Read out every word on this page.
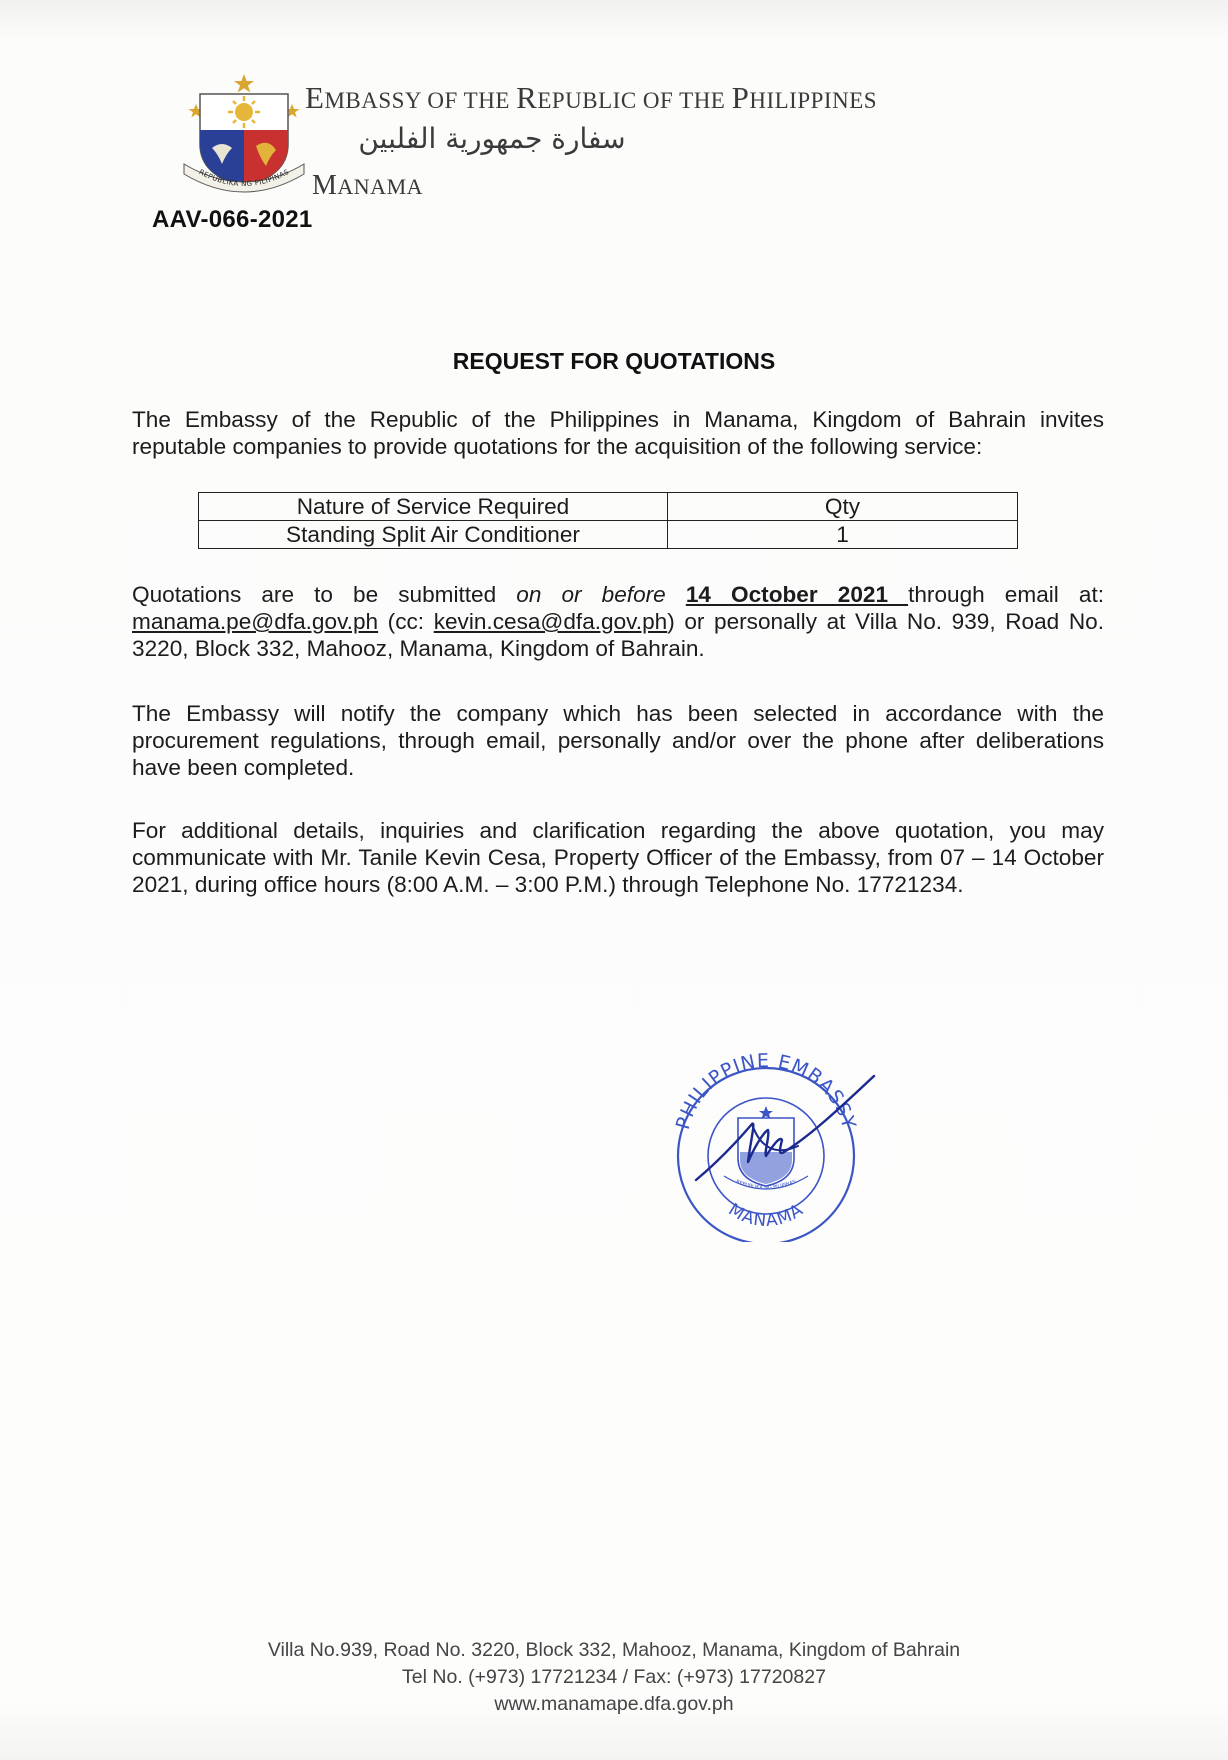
REPUBLIKA NG PILIPINAS
EMBASSY OF THE REPUBLIC OF THE PHILIPPINES
سفارة جمهورية الفلبين
MANAMA
AAV-066-2021
REQUEST FOR QUOTATIONS
The Embassy of the Republic of the Philippines in Manama, Kingdom of Bahrain invites reputable companies to provide quotations for the acquisition of the following service:
Nature of Service Required	Qty
Standing Split Air Conditioner	1
Quotations are to be submitted on or before 14 October 2021 through email at: manama.pe@dfa.gov.ph (cc: kevin.cesa@dfa.gov.ph) or personally at Villa No. 939, Road No. 3220, Block 332, Mahooz, Manama, Kingdom of Bahrain.
The Embassy will notify the company which has been selected in accordance with the procurement regulations, through email, personally and/or over the phone after deliberations have been completed.
For additional details, inquiries and clarification regarding the above quotation, you may communicate with Mr. Tanile Kevin Cesa, Property Officer of the Embassy, from 07 – 14 October 2021, during office hours (8:00 A.M. – 3:00 P.M.) through Telephone No. 17721234.
PHILIPPINE EMBASSY
MANAMA
REPUBLIKA NG PILIPINAS
Villa No.939, Road No. 3220, Block 332, Mahooz, Manama, Kingdom of Bahrain
Tel No. (+973) 17721234 / Fax: (+973) 17720827
www.manamape.dfa.gov.ph
